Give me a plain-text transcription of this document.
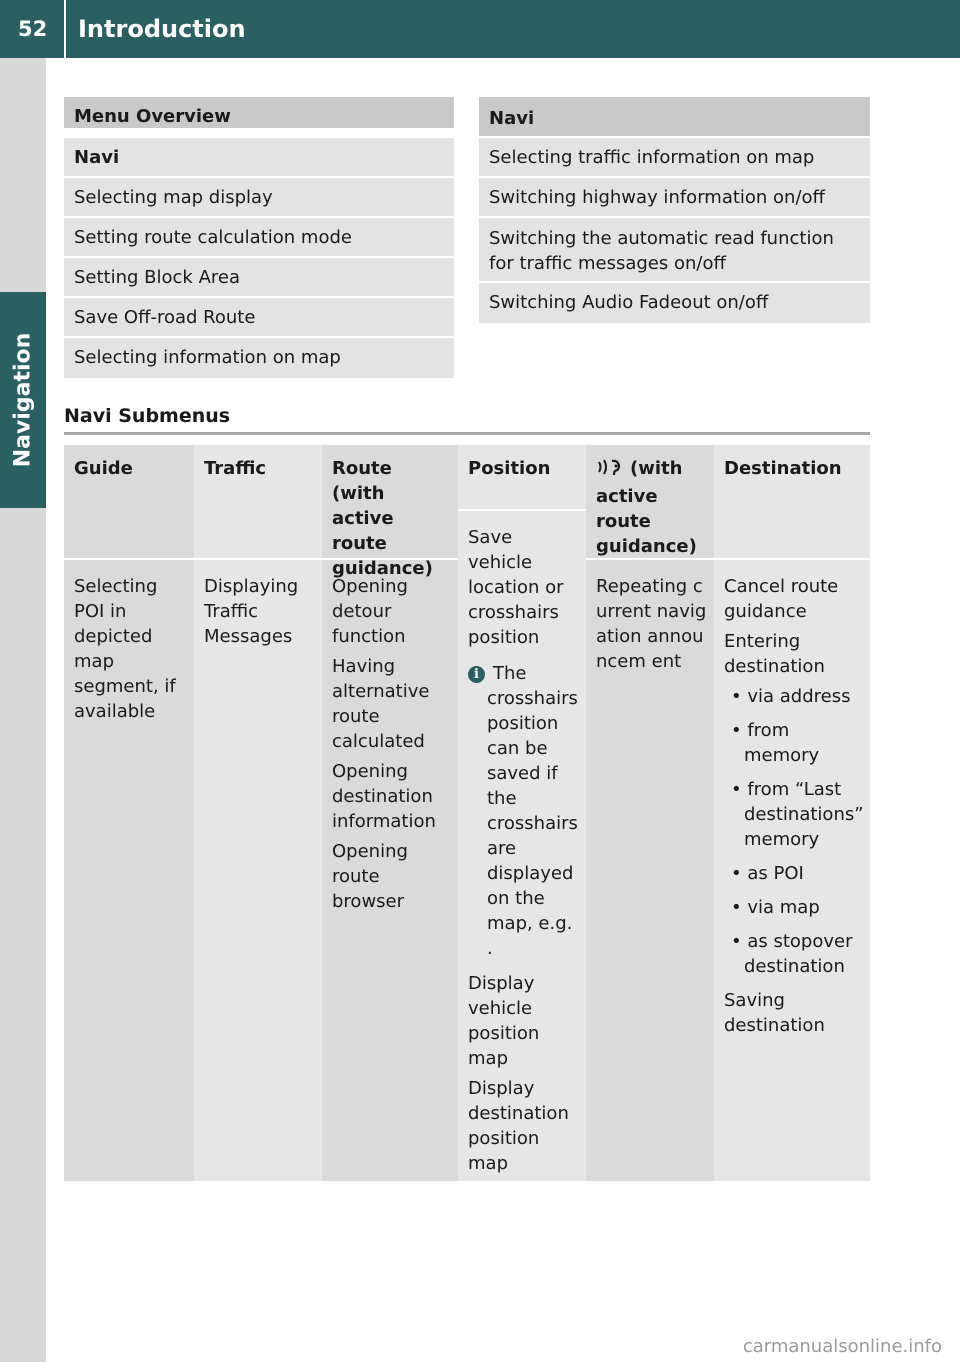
52	Introduction
Navigation
Menu Overview
Navi
Selecting map display
Setting route calculation mode
Setting Block Area
Save Off-road Route
Selecting information on map
Navi
Selecting traffic information on map
Switching highway information on/off
Switching the automatic read function for traffic messages on/off
Switching Audio Fadeout on/off
Navi Submenus
Guide
Selecting POI in depicted map segment, if available
Traffic
Displaying Traffic Messages
Route (with active route guidance)
Opening detour function
Having alternative route calculated
Opening destination information
Opening route browser
Position
Save vehicle location or crosshairs position
i The crosshairs position can be saved if the crosshairs are displayed on the map, e.g. .
Display vehicle position map
Display destination position map
(with active route guidance)
Repeating current navigation announcem ent
Destination
Cancel route guidance
Entering destination
• via address
• from memory
• from “Last destinations” memory
• as POI
• via map
• as stopover destination
Saving destination
carmanualsonline.info
